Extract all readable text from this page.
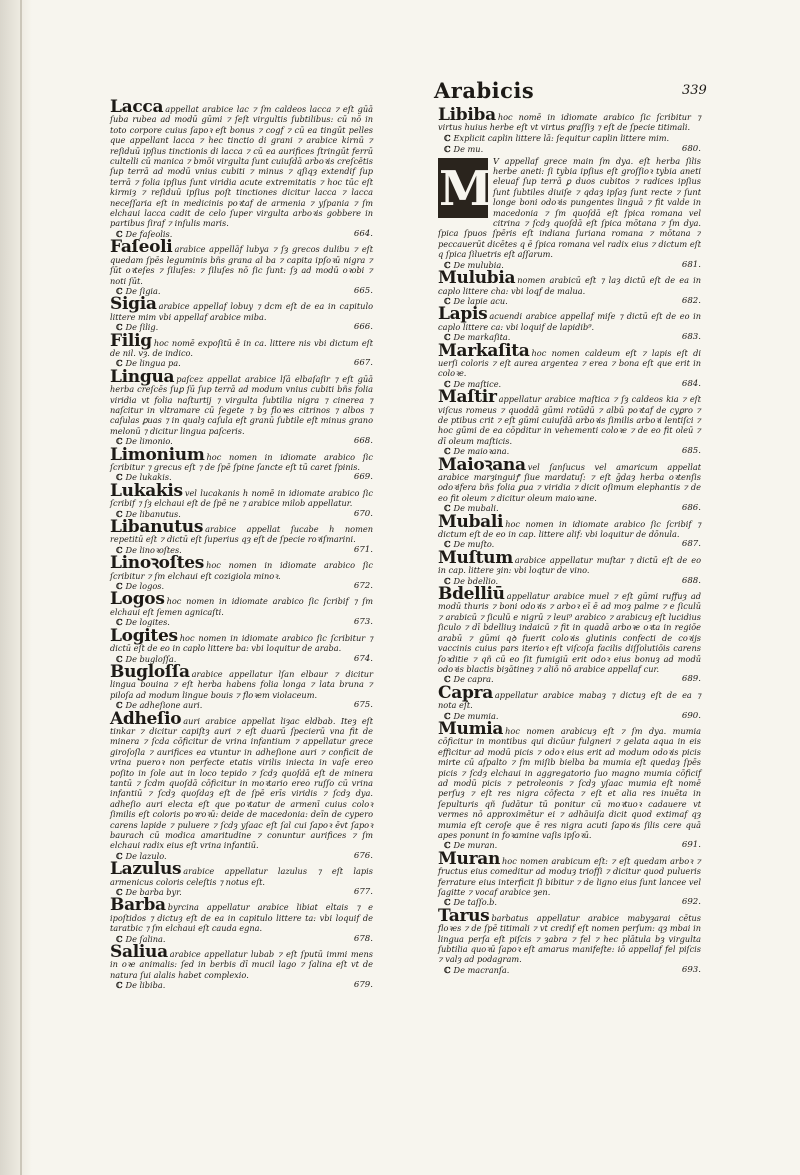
Arabicis	339
Lacca appellat arabice lac ⁊ ſm caldeos lacca ⁊ eſt gūā ſuba rubea ad modū gūmi ⁊ ſeſt virgultis ſubtilibus: cū nō in toto corpore cuius ſapoꝛ eſt bonus ⁊ cogf ⁊ cū ea tingūt pelles que appellant lacca ⁊ hec tinctio di grani ⁊ arabice kirnū ⁊ reſiduū ipſius tinctionis di lacca ⁊ cū ea aurifices ſtringūt ferrū cultelli cū manica ⁊ bmōi virgulta ſunt cuiuſdā arboꝛis creſcētis ſup terrā ad modū vnius cubiti ⁊ minus ⁊ qſiqȝ extendif ſup terrā ⁊ folia ipſius ſunt viridia acute extremitatis ⁊ hoc tūc eſt kirmiȝ ⁊ reſiduū ipſius poſt tinctiones dicitur lacca ⁊ lacca neceſſaria eſt in medicinis poꝛtaf de armenia ⁊ yſpania ⁊ ſm elchaui lacca cadit de celo ſuper virgulta arboꝛis gobbere in partibus ſiraf ⁊ inſulis maris.
ℂ De faſeolis.	664.
Faſeoli arabice appellāf lubya ⁊ ſȝ grecos dulibu ⁊ eſt quedam ſpēs leguminis bñs grana al ba ⁊ capita ipſoꝛū nigra ⁊ ſūt oꝛteſes ⁊ ſiluſes: ⁊ ſiluſes nō ſic ſunt: ſȝ ad modū oꝛobi ⁊ noti ſūt.
ℂ De ſigia.	665.
Sigia arabice appellaf lobuy ⁊ dcm eſt de ea in capitulo littere mim vbi appellaf arabice miba.
ℂ De ſilig.	666.
Filig hoc nomē expoſitū ē in ca. littere nis vbi dictum eſt de nil. vȝ. de indico.
ℂ De lingua pa.	667.
Lingua paſcez appellat arabice lſā elbaſaſir ⁊ eſt gūā herba creſcēs ſuꝑ ſū ſup terrā ad modum vnius cubiti bñs folia viridia vt folia naſturtij ⁊ virgulta ſubtilia nigra ⁊ cinerea ⁊ naſcitur in vltramare cū ſegete ⁊ bȝ floꝛes citrinos ⁊ albos ⁊ caſulas ꝑuas ⁊ in qualȝ caſula eſt granū ſubtile eſt minus grano melonū ⁊ dicitur lingua paſceris.
ℂ De limonio.	668.
Limonium hoc nomen in idiomate arabico ſic ſcribitur ⁊ grecus eſt ⁊ de ſpē ſpine ſancte eſt tū caret ſpinis.
ℂ De lukakis.	669.
Lukakis vel lucakanis h nomē in idiomate arabico ſic ſcribif ⁊ ſȝ elchaui eſt de ſpē ne ⁊ arabice milob appellatur.
ℂ De libanutus.	670.
Libanutus arabice appellat ſucabe h nomen repetitū eſt ⁊ dictū eſt ſuperius qȝ eſt de ſpecie roꝛiſmarini.
ℂ De linoꝛoſtes.	671.
Linoꝛoſtes hoc nomen in idiomate arabico ſic ſcribitur ⁊ ſm elchaui eſt cozigiola minoꝛ.
ℂ De logos.	672.
Logos hoc nomen in idiomate arabico ſic ſcribif ⁊ ſm elchaui eſt ſemen agnicaſti.
ℂ De logites.	673.
Logites hoc nomen in idiomate arabico ſic ſcribitur ⁊ dictū eſt de eo in caplo littere ba: vbi loquitur de araba.
ℂ De bugloſſa.	674.
Bugloſſa arabice appellatur lſan elbaur ⁊ dicitur lingua bouina ⁊ eſt herba habens folia longa ⁊ lata bruna ⁊ piloſa ad modum lingue bouis ⁊ floꝛem violaceum.
ℂ De adheſione auri.	675.
Adheſio auri arabice appellat liȝac eldbab. Iteȝ eſt tinkar ⁊ dicitur capiſtȝ auri ⁊ eſt duarū ſpecierū vna fit de minera ⁊ ſcda cōficitur de vrina infantium ⁊ appellatur grece giroſoſla ⁊ aurifices ea vtuntur in adheſione auri ⁊ conficit de vrina pueroꝛ non perfecte etatis virilis iniecta in vaſe ereo poſito in ſole aut in loco tepido ⁊ ſcdȝ quoſdā eſt de minera tantū ⁊ ſcdm quoſdā cōficitur in moꝛtario ereo ruſſo cū vrina infantiū ⁊ ſcdȝ quoſdaȝ eſt de ſpē erīs viridis ⁊ ſcdȝ dya. adheſio auri electa eſt que poꝛtatur de armenī cuius coloꝛ ſimilis eſt coloris poꝛroꝛū: deide de macedonia: deīn de cypero carens lapide ⁊ puluere ⁊ ſcdȝ yſaac eſt ſal cui ſapoꝛ ēvt ſapoꝛ baurach cū modica amaritudine ⁊ conuntur aurifices ⁊ ſm elchaui radix eius eſt vrina infantiū.
ℂ De lazulo.	676.
Lazulus arabice appellatur lazulus ⁊ eſt lapis armenicus coloris celeſtis ⁊ notus eſt.
ℂ De barba byr.	677.
Barba byrcina appellatur arabice libiat eltais ⁊ e ipoſtidos ⁊ dictuȝ eſt de ea in capitulo littere ta: vbi loquif de taratbic ⁊ ſm elchaui eſt cauda egna.
ℂ De ſalina.	678.
Saliua arabice appellatur lubab ⁊ eſt ſputū immi mens in oꝛe animalis: ſed in berbis dī mucil lago ⁊ ſalina eſt vt de natura ſui alalis habet complexio.
ℂ De libiba.	679.
Libiba hoc nomē in idiomate arabico ſic ſcribitur ⁊ virtus huius herbe eſt vt virtus ꝑraſſiȝ ⁊ eſt de ſpecie titimali.
ℂ Explicit caplin littere lā: ſequitur caplin littere mim.
ℂ De mu.	680.
M V appellaf grece main ſm dya. eſt herba ſilis herbe aneti: ſi tybia ipſius eſt groſſioꝛ tybia aneti eleuaf ſup terrā ꝑ duos cubitos ⁊ radices ipſius ſunt ſubtiles diuiſe ⁊ qdaȝ ipſaȝ ſunt recte ⁊ ſunt longe boni odoꝛis pungentes linguā ⁊ fit valde in macedonia ⁊ ſm quoſdā eſt ſpica romana vel citrina ⁊ ſcdȝ quoſdā eſt ſpica mōtana ⁊ ſm dya. ſpica ſpuos ſpēris eſt indiana ſuriana romana ⁊ mōtana ⁊ peccauerūt dicētes q ē ſpica romana vel radix eius ⁊ dictum eſt q ſpica ſiluetris eſt aſſarum.
ℂ De mulubia.	681.
Mulubia nomen arabicū eſt ⁊ laȝ dictū eſt de ea in caplo littere cha: vbi loqf de malua.
ℂ De lapie acu.	682.
Lapis acuendi arabice appellaf miſe ⁊ dictū eſt de eo in caplo littere ca: vbi loquif de lapidib⁹.
ℂ De markaſita.	683.
Markaſita hoc nomen caldeum eſt ⁊ lapis eſt di uerſi coloris ⁊ eſt aurea argentea ⁊ erea ⁊ bona eſt que erit in coloꝛe.
ℂ De maſtice.	684.
Maſtir appellatur arabice maſtica ⁊ ſȝ caldeos kia ⁊ eſt viſcus romeus ⁊ quoddā gūmi rotūdū ⁊ albū poꝛtaf de cyꝑro ⁊ de ptibus crit ⁊ eſt gūmi cuiuſdā arboꝛis ſimilis arboꝛi lentiſci ⁊ hoc gūmi de ea cōpditur in vehementi coloꝛe ⁊ de eo fit oleū ⁊ dī oleum maſticis.
ℂ De maioꝛana.	685.
Maioꝛana vel ſanſucus vel amaricum appellat arabice marȝinguiꝭ ſiue mardatuſ: ⁊ eſt ḡdaȝ herba oꝛtenſis odoꝛifera bñs folia ꝑua ⁊ viridia ⁊ dicit oſimum elephantis ⁊ de eo fit oleum ⁊ dicitur oleum maioꝛane.
ℂ De mubali.	686.
Mubali hoc nomen in idiomate arabico ſic ſcribif ⁊ dictum eſt de eo in cap. littere alif: vbi loquitur de dōnula.
ℂ De muſto.	687.
Muſtum arabice appellatur muſtar ⁊ dictū eſt de eo in cap. littere ȝin: vbi loqtur de vino.
ℂ De bdellio.	688.
Bdelliū appellatur arabice muel ⁊ eſt gūmi ruffuȝ ad modū thuris ⁊ boni odoꝛis ⁊ arboꝛ eī ē ad moȝ palme ⁊ e ſiculū ⁊ arabicū ⁊ ſiculū e nigrū ⁊ leui⁹ arabico ⁊ arabicuȝ eſt lucidius ſiculo ⁊ dī bdelliuȝ indaicū ⁊ fit in quadā arboꝛe oꝛta in regiōe arabū ⁊ gūmi qꝺ fuerit coloꝛis glutinis confecti de coꝛijs vaccinis cuius pars iterioꝛ eſt viſcoſa facilis diſſolutiōis carens ſoꝛditie ⁊ qñ cū eo ſit fumigiū erit odoꝛ eius bonuȝ ad modū odoꝛis blactis biȝātineȝ ⁊ aliō nō arabice appellaf cur.
ℂ De capra.	689.
Capra appellatur arabice mabaȝ ⁊ dictuȝ eſt de ea ⁊ nota eſt.
ℂ De mumia.	690.
Mumia hoc nomen arabicuȝ eſt ⁊ ſm dya. mumia cōficitur in montibus qui dicūur fulgneri ⁊ gelata aqua in eis efficitur ad modū picis ⁊ odoꝛ eius erit ad modum odoꝛis picis mirte cū aſpalto ⁊ ſm miſib bielba ba mumia eſt quedaȝ ſpēs picis ⁊ ſcdȝ elchaui in aggregatorio ſuo magno mumia cōficif ad modū picis ⁊ petroleonis ⁊ ſcdȝ yſaac mumia eſt nomē perſuȝ ⁊ eſt res nigra cōfecta ⁊ eſt et alia res inuēta in ſepulturis qñ ſudātur tū ponitur cū moꝛtuoꝛ cadauere vt vermes nō approximētur ei ⁊ adhāuiſa dicit quod extimaf qȝ mumia eſt ceroſe que ē res nigra acuti ſapoꝛis ſilis cere quā apes ponunt in foꝛamine vaſis ipſoꝛū.
ℂ De muran.	691.
Muran hoc nomen arabicum eſt: ⁊ eſt quedam arboꝛ ⁊ fructus eius comeditur ad moduȝ triofſi ⁊ dicitur quod pulueris ferrature eius interficit ſi bibitur ⁊ de ligno eius ſunt lancee vel ſagitte ⁊ vocaf arabice ȝen.
ℂ De taſſo.b.	692.
Tarus barbatus appellatur arabice mabyȝarai cētus floꝛes ⁊ de ſpē titimali ⁊ vt credif eſt nomen perſum: qȝ mbai in lingua perſa eſt piſcis ⁊ ȝabra ⁊ fel ⁊ hec plātula bȝ virgulta ſubtilia quoꝛū ſapoꝛ eſt amarus manifeſte: iō appellaf fel piſcis ⁊ valȝ ad podagram.
ℂ De macranſa.	693.
